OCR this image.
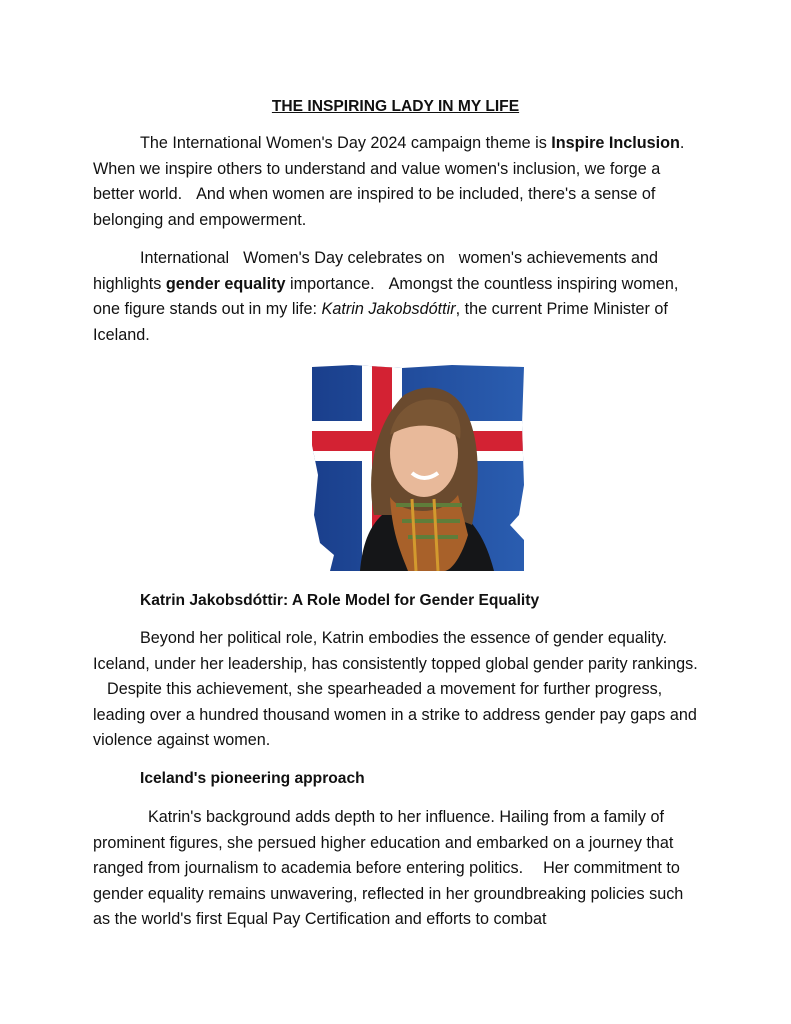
THE INSPIRING LADY IN MY LIFE

The International Women's Day 2024 campaign theme is Inspire Inclusion. When we inspire others to understand and value women's inclusion, we forge a better world. And when women are inspired to be included, there's a sense of belonging and empowerment.

International Women's Day celebrates on women's achievements and highlights gender equality importance. Amongst the countless inspiring women, one figure stands out in my life: Katrin Jakobsdóttir, the current Prime Minister of Iceland.

Katrin Jakobsdóttir: A Role Model for Gender Equality

Beyond her political role, Katrin embodies the essence of gender equality. Iceland, under her leadership, has consistently topped global gender parity rankings.Despite this achievement, she spearheaded a movement for further progress, leading over a hundred thousand women in a strike to address gender pay gaps and violence against women.

Iceland's pioneering approach

Katrin's background adds depth to her influence. Hailing from a family of prominent figures, she persued higher education and embarked on a journey that ranged from journalism to academia before entering politics. Her commitment to gender equality remains unwavering, reflected in her groundbreaking policies such as the world's first Equal Pay Certification and efforts to combat
